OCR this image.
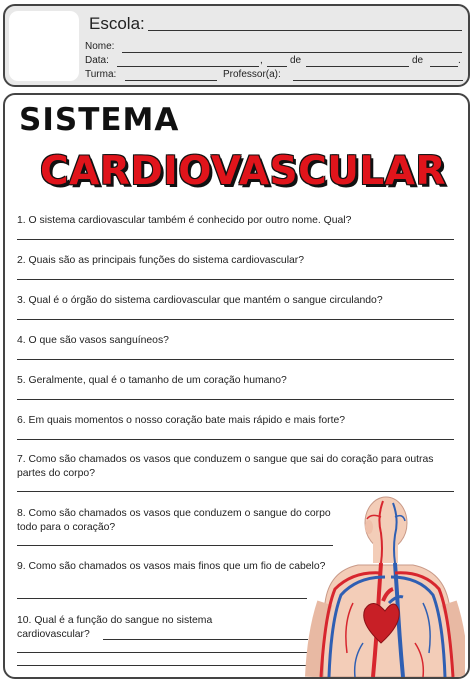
Escola:
Nome:
Data:	,	de	de	.
Turma:	Professor(a):
SISTEMA
CARDIOVASCULAR
1. O sistema cardiovascular também é conhecido por outro nome. Qual?
2. Quais são as principais funções do sistema cardiovascular?
3. Qual é o órgão do sistema cardiovascular que mantém o sangue circulando?
4. O que são vasos sanguíneos?
5. Geralmente, qual é o tamanho de um coração humano?
6. Em quais momentos o nosso coração bate mais rápido e mais forte?
7. Como são chamados os vasos que conduzem o sangue que sai do coração para outras partes do corpo?
8. Como são chamados os vasos que conduzem o sangue do corpo todo para o coração?
9. Como são chamados os vasos mais finos que um fio de cabelo?
10. Qual é a função do sangue no sistema cardiovascular?
